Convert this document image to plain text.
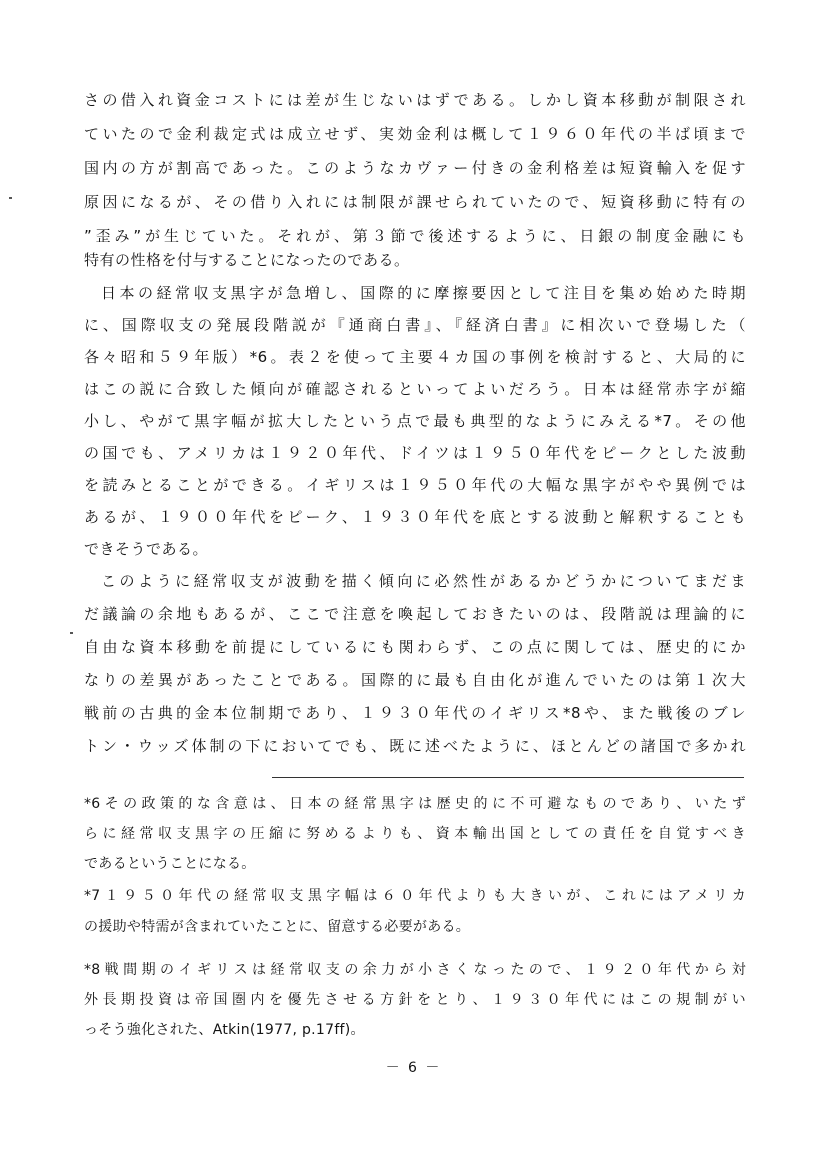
さの借入れ資金コストには差が生じないはずである。しかし資本移動が制限され
ていたので金利裁定式は成立せず、実効金利は概して１９６０年代の半ば頃まで
国内の方が割高であった。このようなカヴァー付きの金利格差は短資輸入を促す
原因になるが、その借り入れには制限が課せられていたので、短資移動に特有の
”歪み”が生じていた。それが、第３節で後述するように、日銀の制度金融にも
特有の性格を付与することになったのである。
日本の経常収支黒字が急増し、国際的に摩擦要因として注目を集め始めた時期
に、国際収支の発展段階説が『通商白書』、『経済白書』に相次いで登場した（
各々昭和５９年版）*6。表２を使って主要４カ国の事例を検討すると、大局的に
はこの説に合致した傾向が確認されるといってよいだろう。日本は経常赤字が縮
小し、やがて黒字幅が拡大したという点で最も典型的なようにみえる*7。その他
の国でも、アメリカは１９２０年代、ドイツは１９５０年代をピークとした波動
を読みとることができる。イギリスは１９５０年代の大幅な黒字がやや異例では
あるが、１９００年代をピーク、１９３０年代を底とする波動と解釈することも
できそうである。
このように経常収支が波動を描く傾向に必然性があるかどうかについてまだま
だ議論の余地もあるが、ここで注意を喚起しておきたいのは、段階説は理論的に
自由な資本移動を前提にしているにも関わらず、この点に関しては、歴史的にか
なりの差異があったことである。国際的に最も自由化が進んでいたのは第１次大
戦前の古典的金本位制期であり、１９３０年代のイギリス*8や、また戦後のブレ
トン・ウッズ体制の下においてでも、既に述べたように、ほとんどの諸国で多かれ
*6その政策的な含意は、日本の経常黒字は歴史的に不可避なものであり、いたず
らに経常収支黒字の圧縮に努めるよりも、資本輸出国としての責任を自覚すべき
であるということになる。
*7１９５０年代の経常収支黒字幅は６０年代よりも大きいが、これにはアメリカ
の援助や特需が含まれていたことに、留意する必要がある。
*8戦間期のイギリスは経常収支の余力が小さくなったので、１９２０年代から対
外長期投資は帝国圏内を優先させる方針をとり、１９３０年代にはこの規制がい
っそう強化された、Atkin(1977, p.17ff)。
－ 6 －
